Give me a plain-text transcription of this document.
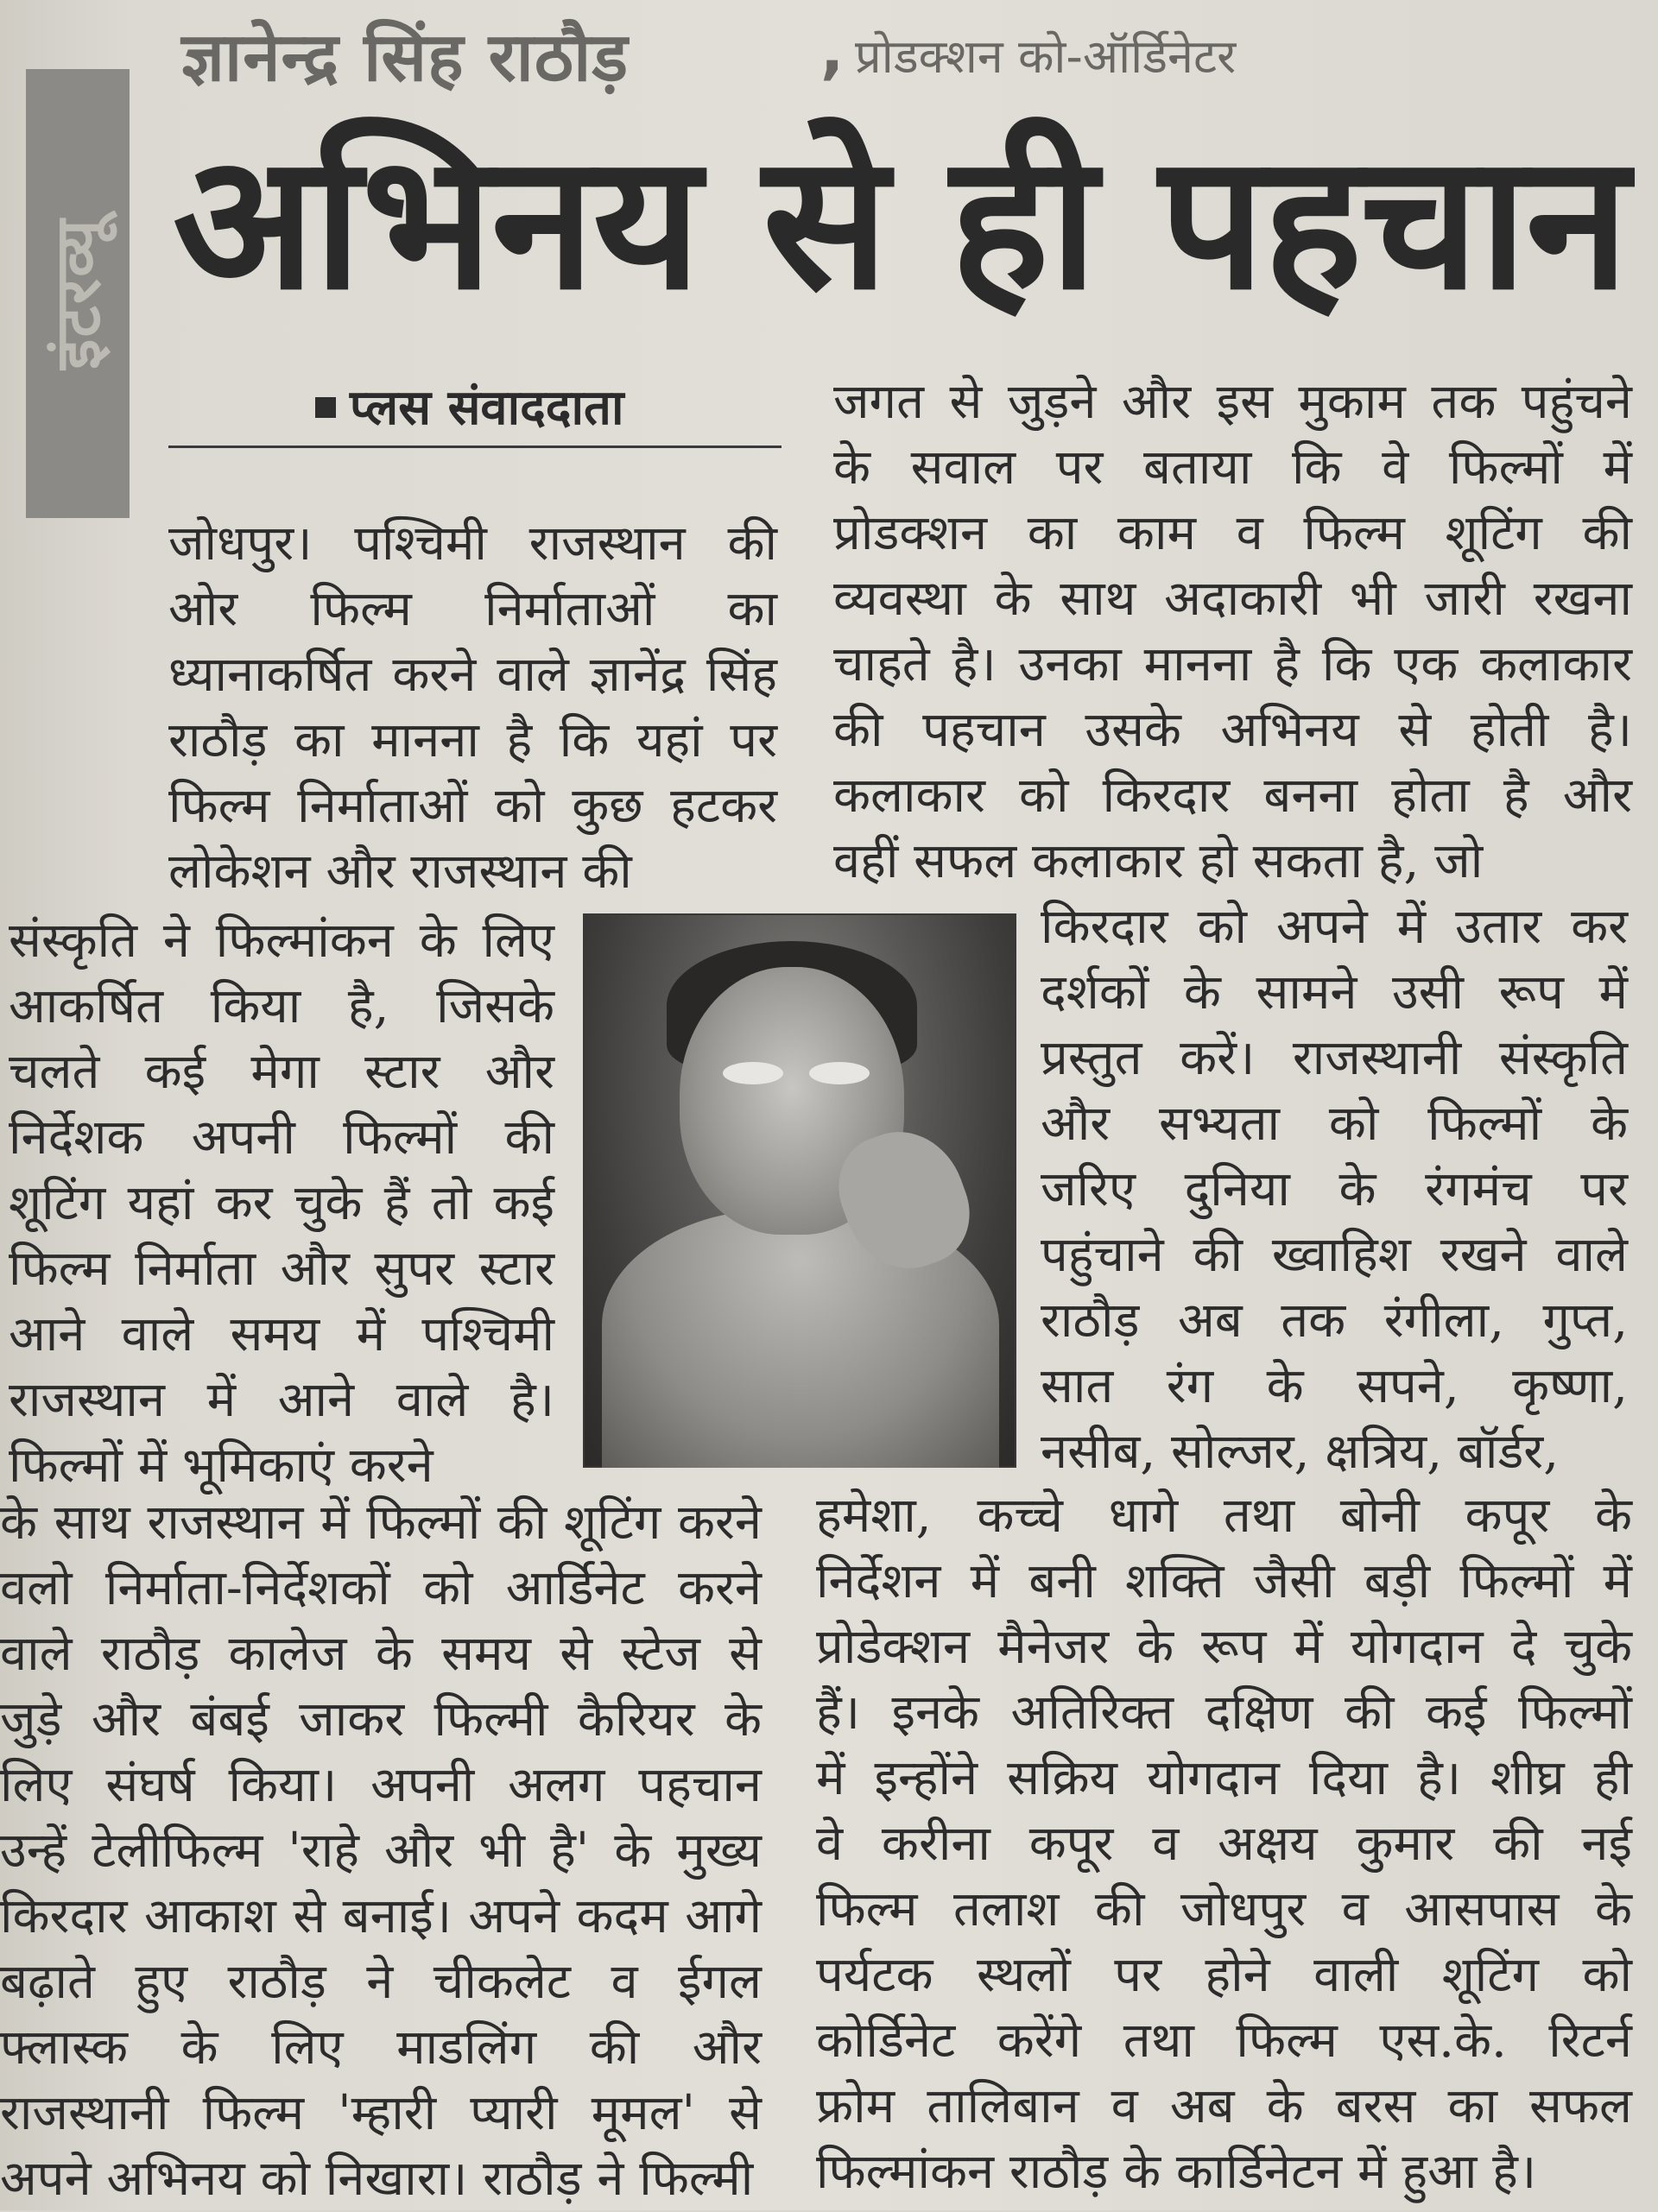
इंटरव्यू
ज्ञानेन्द्र सिंह राठौड़	, प्रोडक्शन को-ऑर्डिनेटर
अभिनय से ही पहचान
प्लस संवाददाता
जोधपुर। पश्चिमी राजस्थान की
ओर फिल्म निर्माताओं का
ध्यानाकर्षित करने वाले ज्ञानेंद्र सिंह
राठौड़ का मानना है कि यहां पर
फिल्म निर्माताओं को कुछ हटकर
लोकेशन और राजस्थान की
संस्कृति ने फिल्मांकन के लिए
आकर्षित किया है, जिसके
चलते कई मेगा स्टार और
निर्देशक अपनी फिल्मों की
शूटिंग यहां कर चुके हैं तो कई
फिल्म निर्माता और सुपर स्टार
आने वाले समय में पश्चिमी
राजस्थान में आने वाले है।
फिल्मों में भूमिकाएं करने
के साथ राजस्थान में फिल्मों की शूटिंग करने
वलो निर्माता-निर्देशकों को आर्डिनेट करने
वाले राठौड़ कालेज के समय से स्टेज से
जुड़े और बंबई जाकर फिल्मी कैरियर के
लिए संघर्ष किया। अपनी अलग पहचान
उन्हें टेलीफिल्म 'राहे और भी है' के मुख्य
किरदार आकाश से बनाई। अपने कदम आगे
बढ़ाते हुए राठौड़ ने चीकलेट व ईगल
फ्लास्क के लिए माडलिंग की और
राजस्थानी फिल्म 'म्हारी प्यारी मूमल' से
अपने अभिनय को निखारा। राठौड़ ने फिल्मी
जगत से जुड़ने और इस मुकाम तक पहुंचने
के सवाल पर बताया कि वे फिल्मों में
प्रोडक्शन का काम व फिल्म शूटिंग की
व्यवस्था के साथ अदाकारी भी जारी रखना
चाहते है। उनका मानना है कि एक कलाकार
की पहचान उसके अभिनय से होती है।
कलाकार को किरदार बनना होता है और
वहीं सफल कलाकार हो सकता है, जो
किरदार को अपने में उतार कर
दर्शकों के सामने उसी रूप में
प्रस्तुत करें। राजस्थानी संस्कृति
और सभ्यता को फिल्मों के
जरिए दुनिया के रंगमंच पर
पहुंचाने की ख्वाहिश रखने वाले
राठौड़ अब तक रंगीला, गुप्त,
सात रंग के सपने, कृष्णा,
नसीब, सोल्जर, क्षत्रिय, बॉर्डर,
हमेशा, कच्चे धागे तथा बोनी कपूर के
निर्देशन में बनी शक्ति जैसी बड़ी फिल्मों में
प्रोडेक्शन मैनेजर के रूप में योगदान दे चुके
हैं। इनके अतिरिक्त दक्षिण की कई फिल्मों
में इन्होंने सक्रिय योगदान दिया है। शीघ्र ही
वे करीना कपूर व अक्षय कुमार की नई
फिल्म तलाश की जोधपुर व आसपास के
पर्यटक स्थलों पर होने वाली शूटिंग को
कोर्डिनेट करेंगे तथा फिल्म एस.के. रिटर्न
फ्रोम तालिबान व अब के बरस का सफल
फिल्मांकन राठौड़ के कार्डिनेटन में हुआ है।
